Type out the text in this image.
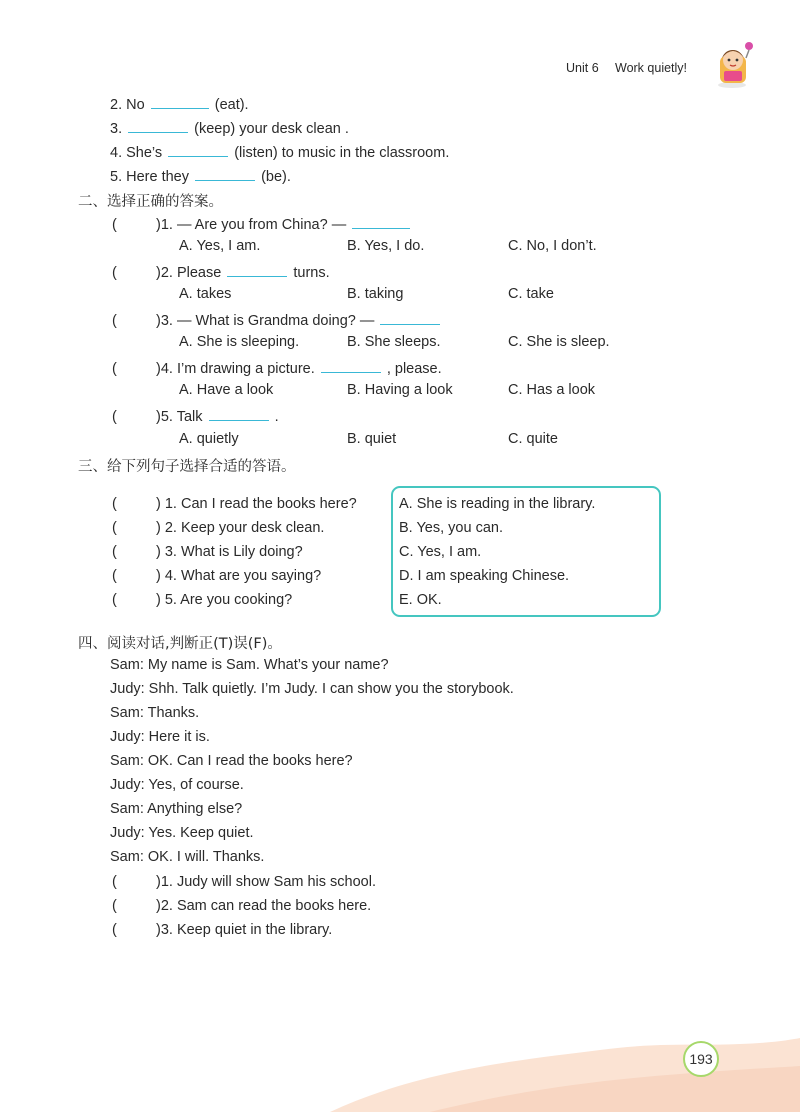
Unit 6 Work quietly!
2. No	(eat).
3.	(keep) your desk clean .
4. She’s	(listen) to music in the classroom.
5. Here they	(be).
二、选择正确的答案。
(	)1. — Are you from China? —
A. Yes, I am.	B. Yes, I do.	C. No, I don’t.
(	)2. Please	turns.
A. takes	B. taking	C. take
(	)3. — What is Grandma doing? —
A. She is sleeping.	B. She sleeps.	C. She is sleep.
(	)4. I’m drawing a picture.	, please.
A. Have a look	B. Having a look	C. Has a look
(	)5. Talk	.
A. quietly	B. quiet	C. quite
三、给下列句子选择合适的答语。
(	) 1. Can I read the books here?
(	) 2. Keep your desk clean.
(	) 3. What is Lily doing?
(	) 4. What are you saying?
(	) 5. Are you cooking?
A. She is reading in the library.
B. Yes, you can.
C. Yes, I am.
D. I am speaking Chinese.
E. OK.
四、阅读对话,判断正(T)误(F)。
Sam: My name is Sam. What’s your name?
Judy: Shh. Talk quietly. I’m Judy. I can show you the storybook.
Sam: Thanks.
Judy: Here it is.
Sam: OK. Can I read the books here?
Judy: Yes, of course.
Sam: Anything else?
Judy: Yes. Keep quiet.
Sam: OK. I will. Thanks.
(	)1. Judy will show Sam his school.
(	)2. Sam can read the books here.
(	)3. Keep quiet in the library.
193
